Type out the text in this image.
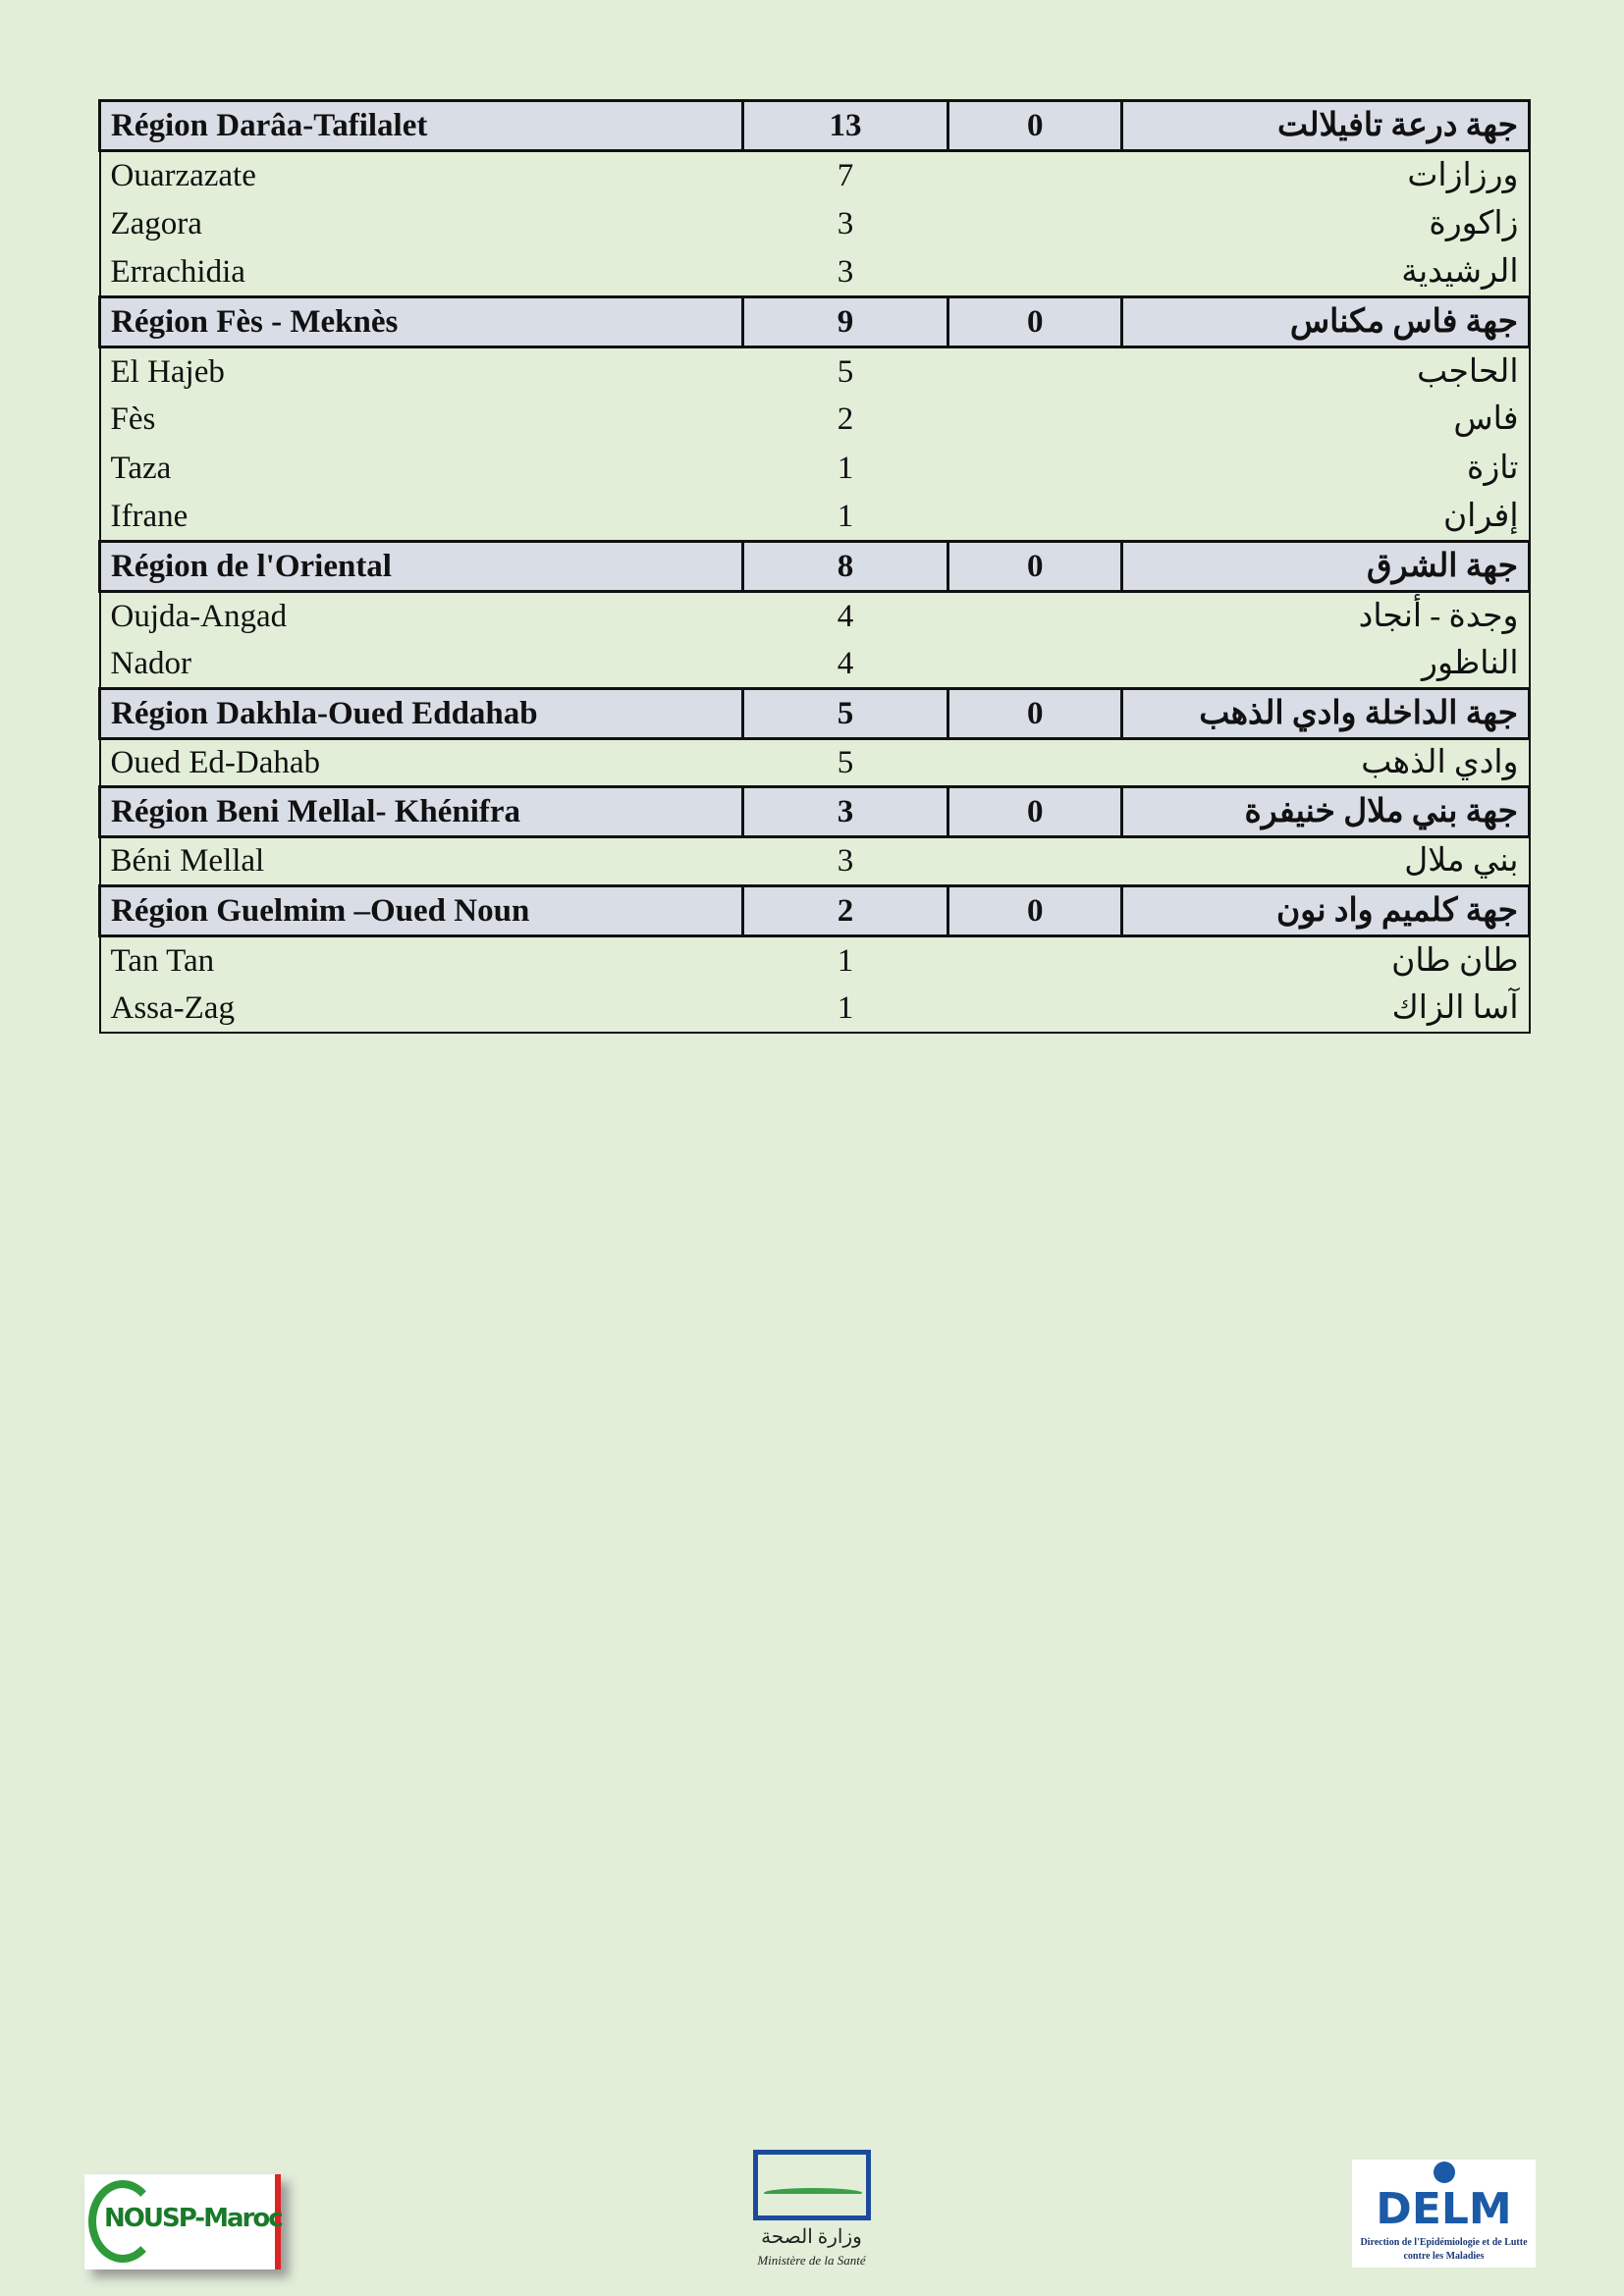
Région Darâa-Tafilalet	13	0	جهة درعة تافيلالت
Ouarzazate	7		ورزازات
Zagora	3		زاكورة
Errachidia	3		الرشيدية
Région Fès - Meknès	9	0	جهة فاس مكناس
El Hajeb	5		الحاجب
Fès	2		فاس
Taza	1		تازة
Ifrane	1		إفران
Région de l'Oriental	8	0	جهة الشرق
Oujda-Angad	4		وجدة - أنجاد
Nador	4		الناظور
Région Dakhla-Oued Eddahab	5	0	جهة الداخلة وادي الذهب
Oued Ed-Dahab	5		وادي الذهب
Région Beni Mellal- Khénifra	3	0	جهة بني ملال خنيفرة
Béni Mellal	3		بني ملال
Région Guelmim –Oued Noun	2	0	جهة كلميم واد نون
Tan Tan	1		طان طان
Assa-Zag	1		آسا الزاك
NOUSP-Maroc
وزارة الصحة
Ministère de la Santé
DELM
Direction de l'Epidémiologie et de Lutte contre les Maladies
